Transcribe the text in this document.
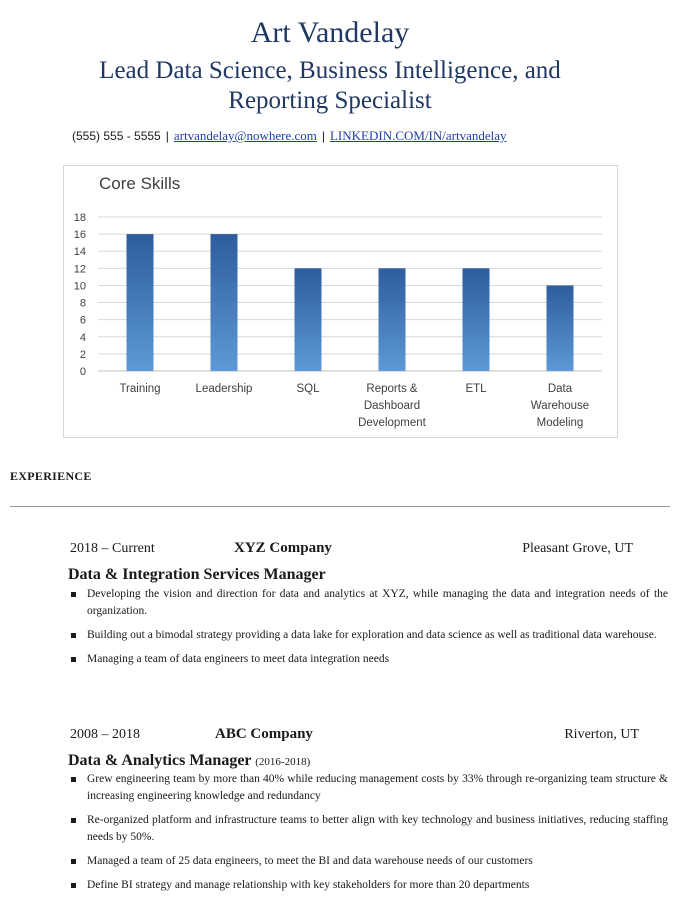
Art Vandelay
Lead Data Science, Business Intelligence, and
Reporting Specialist
(555) 555 - 5555 | artvandelay@nowhere.com | LINKEDIN.COM/IN/artvandelay
Core Skills
0
2
4
6
8
10
12
14
16
18
Training	Leadership	SQL	Reports &
Dashboard
Development
ETL	Data
Warehouse
Modeling
EXPERIENCE
2018 – Current	XYZ Company	Pleasant Grove, UT
Data & Integration Services Manager
Developing the vision and direction for data and analytics at XYZ, while managing the data and integration needs of the organization.
Building out a bimodal strategy providing a data lake for exploration and data science as well as traditional data warehouse.
Managing a team of data engineers to meet data integration needs
2008 – 2018	ABC Company	Riverton, UT
Data & Analytics Manager (2016-2018)
Grew engineering team by more than 40% while reducing management costs by 33% through re-organizing team structure & increasing engineering knowledge and redundancy
Re-organized platform and infrastructure teams to better align with key technology and business initiatives, reducing staffing needs by 50%.
Managed a team of 25 data engineers, to meet the BI and data warehouse needs of our customers
Define BI strategy and manage relationship with key stakeholders for more than 20 departments
